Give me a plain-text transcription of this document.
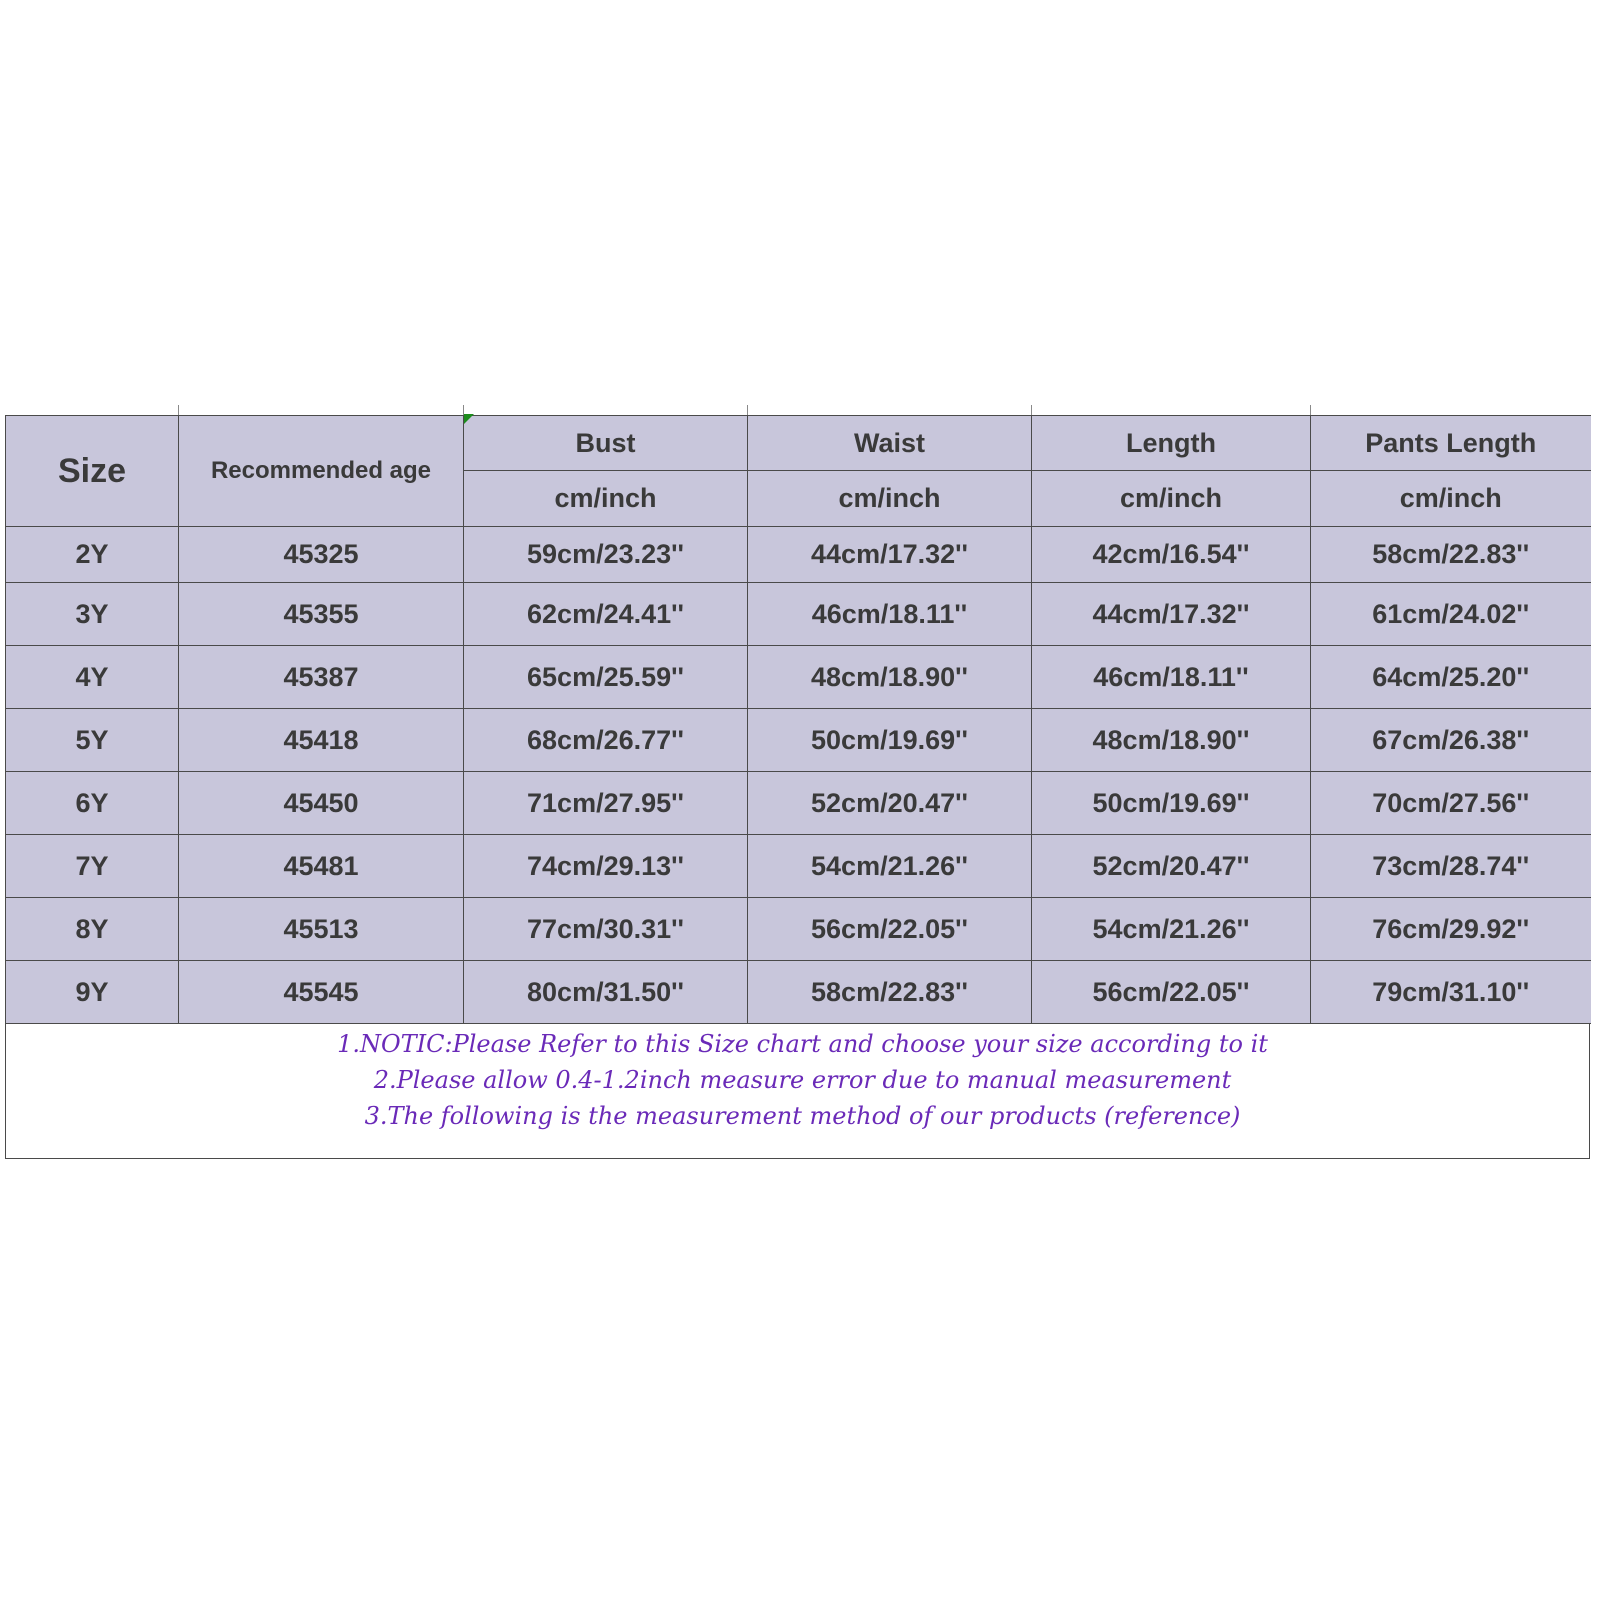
Size	Recommended age	Bust	Waist	Length	Pants Length
		cm/inch	cm/inch	cm/inch	cm/inch
2Y	45325	59cm/23.23''	44cm/17.32''	42cm/16.54''	58cm/22.83''
3Y	45355	62cm/24.41''	46cm/18.11''	44cm/17.32''	61cm/24.02''
4Y	45387	65cm/25.59''	48cm/18.90''	46cm/18.11''	64cm/25.20''
5Y	45418	68cm/26.77''	50cm/19.69''	48cm/18.90''	67cm/26.38''
6Y	45450	71cm/27.95''	52cm/20.47''	50cm/19.69''	70cm/27.56''
7Y	45481	74cm/29.13''	54cm/21.26''	52cm/20.47''	73cm/28.74''
8Y	45513	77cm/30.31''	56cm/22.05''	54cm/21.26''	76cm/29.92''
9Y	45545	80cm/31.50''	58cm/22.83''	56cm/22.05''	79cm/31.10''
1.NOTIC:Please Refer to this Size chart and choose your size according to it
2.Please allow 0.4-1.2inch measure error due to manual measurement
3.The following is the measurement method of our products (reference)
